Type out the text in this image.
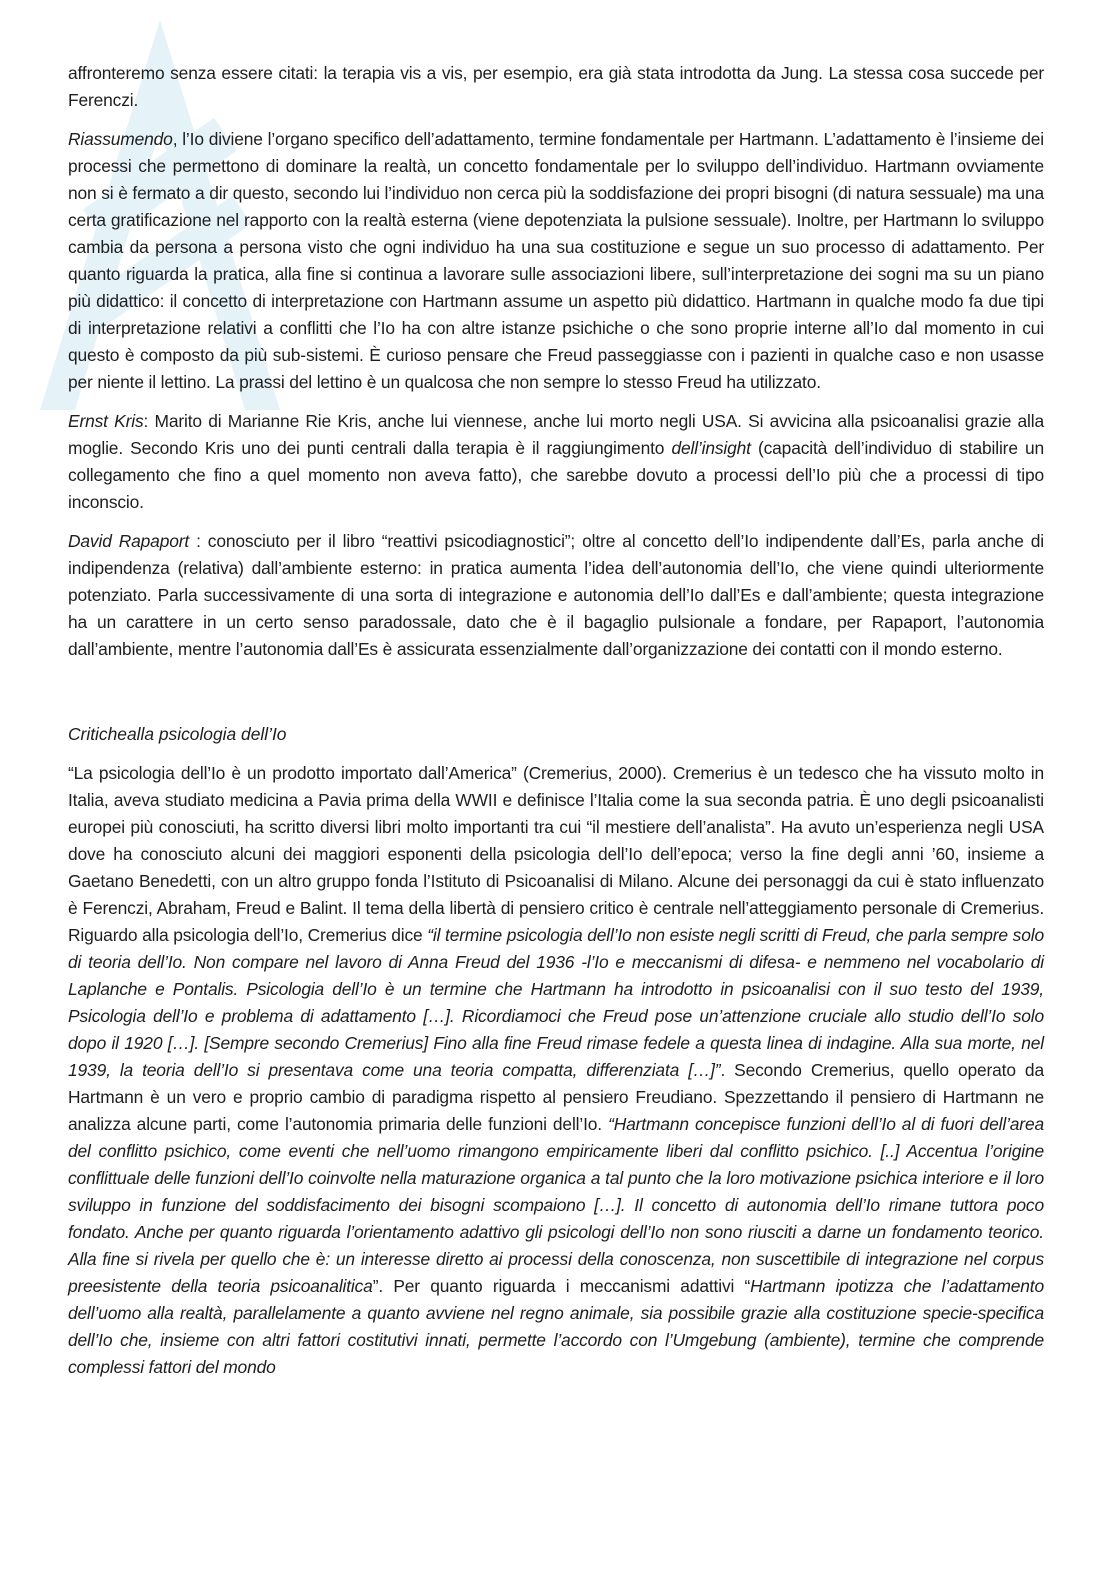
affronteremo senza essere citati: la terapia vis a vis, per esempio, era già stata introdotta da Jung. La stessa cosa succede per Ferenczi.

Riassumendo, l’Io diviene l’organo specifico dell’adattamento, termine fondamentale per Hartmann. L’adattamento è l’insieme dei processi che permettono di dominare la realtà, un concetto fondamentale per lo sviluppo dell’individuo. Hartmann ovviamente non si è fermato a dir questo, secondo lui l’individuo non cerca più la soddisfazione dei propri bisogni (di natura sessuale) ma una certa gratificazione nel rapporto con la realtà esterna (viene depotenziata la pulsione sessuale). Inoltre, per Hartmann lo sviluppo cambia da persona a persona visto che ogni individuo ha una sua costituzione e segue un suo processo di adattamento. Per quanto riguarda la pratica, alla fine si continua a lavorare sulle associazioni libere, sull’interpretazione dei sogni ma su un piano più didattico: il concetto di interpretazione con Hartmann assume un aspetto più didattico. Hartmann in qualche modo fa due tipi di interpretazione relativi a conflitti che l’Io ha con altre istanze psichiche o che sono proprie interne all’Io dal momento in cui questo è composto da più sub-sistemi. È curioso pensare che Freud passeggiasse con i pazienti in qualche caso e non usasse per niente il lettino. La prassi del lettino è un qualcosa che non sempre lo stesso Freud ha utilizzato.

Ernst Kris: Marito di Marianne Rie Kris, anche lui viennese, anche lui morto negli USA. Si avvicina alla psicoanalisi grazie alla moglie. Secondo Kris uno dei punti centrali dalla terapia è il raggiungimento dell’insight (capacità dell’individuo di stabilire un collegamento che fino a quel momento non aveva fatto), che sarebbe dovuto a processi dell’Io più che a processi di tipo inconscio.

David Rapaport : conosciuto per il libro “reattivi psicodiagnostici”; oltre al concetto dell’Io indipendente dall’Es, parla anche di indipendenza (relativa) dall’ambiente esterno: in pratica aumenta l’idea dell’autonomia dell’Io, che viene quindi ulteriormente potenziato. Parla successivamente di una sorta di integrazione e autonomia dell’Io dall’Es e dall’ambiente; questa integrazione ha un carattere in un certo senso paradossale, dato che è il bagaglio pulsionale a fondare, per Rapaport, l’autonomia dall’ambiente, mentre l’autonomia dall’Es è assicurata essenzialmente dall’organizzazione dei contatti con il mondo esterno.

Critichealla psicologia dell’Io

“La psicologia dell’Io è un prodotto importato dall’America” (Cremerius, 2000). Cremerius è un tedesco che ha vissuto molto in Italia, aveva studiato medicina a Pavia prima della WWII e definisce l’Italia come la sua seconda patria. È uno degli psicoanalisti europei più conosciuti, ha scritto diversi libri molto importanti tra cui “il mestiere dell’analista”. Ha avuto un’esperienza negli USA dove ha conosciuto alcuni dei maggiori esponenti della psicologia dell’Io dell’epoca; verso la fine degli anni ’60, insieme a Gaetano Benedetti, con un altro gruppo fonda l’Istituto di Psicoanalisi di Milano. Alcune dei personaggi da cui è stato influenzato è Ferenczi, Abraham, Freud e Balint. Il tema della libertà di pensiero critico è centrale nell’atteggiamento personale di Cremerius. Riguardo alla psicologia dell’Io, Cremerius dice “il termine psicologia dell’Io non esiste negli scritti di Freud, che parla sempre solo di teoria dell’Io. Non compare nel lavoro di Anna Freud del 1936 -l’Io e meccanismi di difesa- e nemmeno nel vocabolario di Laplanche e Pontalis. Psicologia dell’Io è un termine che Hartmann ha introdotto in psicoanalisi con il suo testo del 1939, Psicologia dell’Io e problema di adattamento […]. Ricordiamoci che Freud pose un’attenzione cruciale allo studio dell’Io solo dopo il 1920 […]. [Sempre secondo Cremerius] Fino alla fine Freud rimase fedele a questa linea di indagine. Alla sua morte, nel 1939, la teoria dell’Io si presentava come una teoria compatta, differenziata […]”. Secondo Cremerius, quello operato da Hartmann è un vero e proprio cambio di paradigma rispetto al pensiero Freudiano. Spezzettando il pensiero di Hartmann ne analizza alcune parti, come l’autonomia primaria delle funzioni dell’Io. “Hartmann concepisce funzioni dell’Io al di fuori dell’area del conflitto psichico, come eventi che nell’uomo rimangono empiricamente liberi dal conflitto psichico. [..] Accentua l’origine conflittuale delle funzioni dell’Io coinvolte nella maturazione organica a tal punto che la loro motivazione psichica interiore e il loro sviluppo in funzione del soddisfacimento dei bisogni scompaiono […]. Il concetto di autonomia dell’Io rimane tuttora poco fondato. Anche per quanto riguarda l’orientamento adattivo gli psicologi dell’Io non sono riusciti a darne un fondamento teorico. Alla fine si rivela per quello che è: un interesse diretto ai processi della conoscenza, non suscettibile di integrazione nel corpus preesistente della teoria psicoanalitica”. Per quanto riguarda i meccanismi adattivi “Hartmann ipotizza che l’adattamento dell’uomo alla realtà, parallelamente a quanto avviene nel regno animale, sia possibile grazie alla costituzione specie-specifica dell’Io che, insieme con altri fattori costitutivi innati, permette l’accordo con l’Umgebung (ambiente), termine che comprende complessi fattori del mondo
